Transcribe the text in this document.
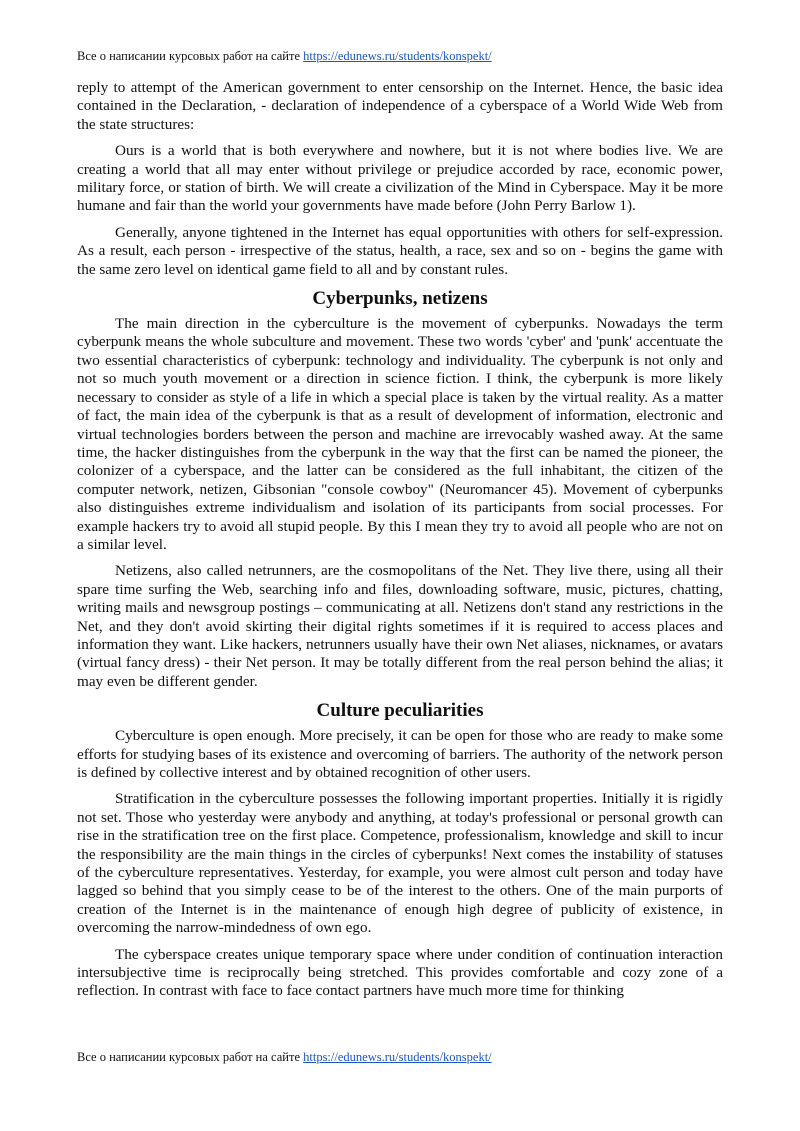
Все о написании курсовых работ на сайте https://edunews.ru/students/konspekt/

reply to attempt of the American government to enter censorship on the Internet. Hence, the basic idea contained in the Declaration, - declaration of independence of a cyberspace of a World Wide Web from the state structures:

Ours is a world that is both everywhere and nowhere, but it is not where bodies live. We are creating a world that all may enter without privilege or prejudice accorded by race, economic power, military force, or station of birth. We will create a civilization of the Mind in Cyberspace. May it be more humane and fair than the world your governments have made before (John Perry Barlow 1).

Generally, anyone tightened in the Internet has equal opportunities with others for self-expression. As a result, each person - irrespective of the status, health, a race, sex and so on - begins the game with the same zero level on identical game field to all and by constant rules.

Cyberpunks, netizens

The main direction in the cyberculture is the movement of cyberpunks. Nowadays the term cyberpunk means the whole subculture and movement. These two words 'cyber' and 'punk' accentuate the two essential characteristics of cyberpunk: technology and individuality. The cyberpunk is not only and not so much youth movement or a direction in science fiction. I think, the cyberpunk is more likely necessary to consider as style of a life in which a special place is taken by the virtual reality. As a matter of fact, the main idea of the cyberpunk is that as a result of development of information, electronic and virtual technologies borders between the person and machine are irrevocably washed away. At the same time, the hacker distinguishes from the cyberpunk in the way that the first can be named the pioneer, the colonizer of a cyberspace, and the latter can be considered as the full inhabitant, the citizen of the computer network, netizen, Gibsonian "console cowboy" (Neuromancer 45). Movement of cyberpunks also distinguishes extreme individualism and isolation of its participants from social processes. For example hackers try to avoid all stupid people. By this I mean they try to avoid all people who are not on a similar level.

Netizens, also called netrunners, are the cosmopolitans of the Net. They live there, using all their spare time surfing the Web, searching info and files, downloading software, music, pictures, chatting, writing mails and newsgroup postings – communicating at all. Netizens don't stand any restrictions in the Net, and they don't avoid skirting their digital rights sometimes if it is required to access places and information they want. Like hackers, netrunners usually have their own Net aliases, nicknames, or avatars (virtual fancy dress) - their Net person. It may be totally different from the real person behind the alias; it may even be different gender.

Culture peculiarities

Cyberculture is open enough. More precisely, it can be open for those who are ready to make some efforts for studying bases of its existence and overcoming of barriers. The authority of the network person is defined by collective interest and by obtained recognition of other users.

Stratification in the cyberculture possesses the following important properties. Initially it is rigidly not set. Those who yesterday were anybody and anything, at today's professional or personal growth can rise in the stratification tree on the first place. Competence, professionalism, knowledge and skill to incur the responsibility are the main things in the circles of cyberpunks! Next comes the instability of statuses of the cyberculture representatives. Yesterday, for example, you were almost cult person and today have lagged so behind that you simply cease to be of the interest to the others. One of the main purports of creation of the Internet is in the maintenance of enough high degree of publicity of existence, in overcoming the narrow-mindedness of own ego.

The cyberspace creates unique temporary space where under condition of continuation interaction intersubjective time is reciprocally being stretched. This provides comfortable and cozy zone of a reflection. In contrast with face to face contact partners have much more time for thinking

Все о написании курсовых работ на сайте https://edunews.ru/students/konspekt/
